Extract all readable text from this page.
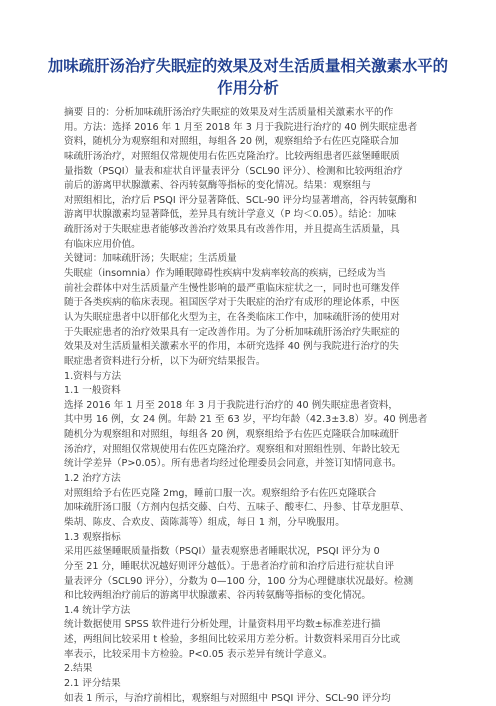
加味疏肝汤治疗失眠症的效果及对生活质量相关激素水平的
作用分析
摘要 目的：分析加味疏肝汤治疗失眠症的效果及对生活质量相关激素水平的作
用。方法：选择 2016 年 1 月至 2018 年 3 月于我院进行治疗的 40 例失眠症患者
资料，随机分为观察组和对照组，每组各 20 例，观察组给予右佐匹克隆联合加
味疏肝汤治疗，对照组仅常规使用右佐匹克隆治疗。比较两组患者匹兹堡睡眠质
量指数（PSQI）量表和症状自评量表评分（SCL90 评分）、检测和比较两组治疗
前后的游离甲状腺激素、谷丙转氨酶等指标的变化情况。结果：观察组与
对照组相比，治疗后 PSQI 评分显著降低、SCL-90 评分均显著增高，谷丙转氨酶和
游离甲状腺激素均显著降低，差异具有统计学意义（P 均＜0.05）。结论：加味
疏肝汤对于失眠症患者能够改善治疗效果具有改善作用，并且提高生活质量，具
有临床应用价值。
关键词：加味疏肝汤；失眠症；生活质量
失眠症（insomnia）作为睡眠障碍性疾病中发病率较高的疾病，已经成为当
前社会群体中对生活质量产生慢性影响的最严重临床症状之一，同时也可继发伴
随于各类疾病的临床表现。祖国医学对于失眠症的治疗有成形的理论体系，中医
认为失眠症患者中以肝郁化火型为主，在各类临床工作中，加味疏肝汤的使用对
于失眠症患者的治疗效果具有一定改善作用。为了分析加味疏肝汤治疗失眠症的
效果及对生活质量相关激素水平的作用，本研究选择 40 例与我院进行治疗的失
眠症患者资料进行分析，以下为研究结果报告。
1.资料与方法
1.1 一般资料
选择 2016 年 1 月至 2018 年 3 月于我院进行治疗的 40 例失眠症患者资料，
其中男 16 例，女 24 例。年龄 21 至 63 岁，平均年龄（42.3±3.8）岁。40 例患者
随机分为观察组和对照组，每组各 20 例，观察组给予右佐匹克隆联合加味疏肝
汤治疗，对照组仅常规使用右佐匹克隆治疗。观察组和对照组性别、年龄比较无
统计学差异（P>0.05）。所有患者均经过伦理委员会同意，并签订知情同意书。
1.2 治疗方法
对照组给予右佐匹克隆 2mg，睡前口服一次。观察组给予右佐匹克隆联合
加味疏肝汤口服（方剂内包括交藤、白芍、五味子、酸枣仁、丹参、甘草龙胆草、
柴胡、陈皮、合欢皮、茵陈蒿等）组成，每日 1 剂，分早晚服用。
1.3 观察指标
采用匹兹堡睡眠质量指数（PSQI）量表观察患者睡眠状况，PSQI 评分为 0
分至 21 分，睡眠状况越好则评分越低）。于患者治疗前和治疗后进行症状自评
量表评分（SCL90 评分），分数为 0—100 分，100 分为心理健康状况最好。检测
和比较两组治疗前后的游离甲状腺激素、谷丙转氨酶等指标的变化情况。
1.4 统计学方法
统计数据使用 SPSS 软件进行分析处理，计量资料用平均数±标准差进行描
述，两组间比较采用 t 检验，多组间比较采用方差分析。计数资料采用百分比或
率表示，比较采用卡方检验。P<0.05 表示差异有统计学意义。
2.结果
2.1 评分结果
如表 1 所示，与治疗前相比，观察组与对照组中 PSQI 评分、SCL-90 评分均
